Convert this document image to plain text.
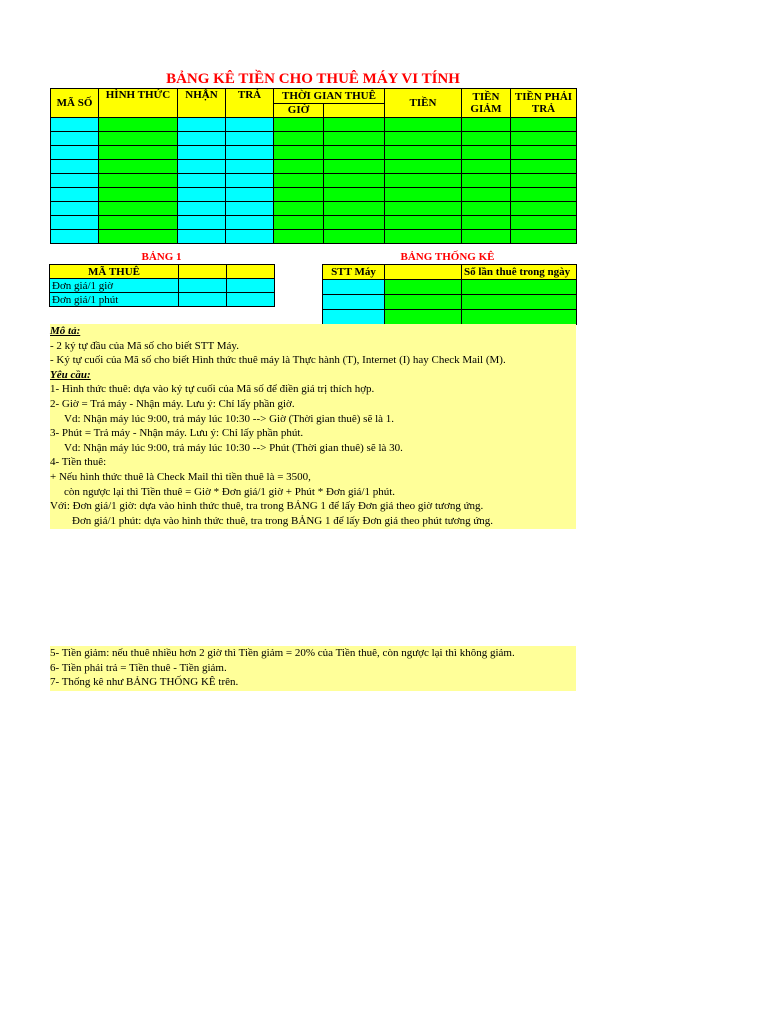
BẢNG KÊ TIỀN CHO THUÊ MÁY VI TÍNH
MÃ SỐ	HÌNH THỨC	NHẬN	TRẢ	THỜI GIAN THUÊ		TIỀN	TIỀN GIẢM	TIỀN PHẢI TRẢ
				GIỜ				

BẢNG 1	BẢNG THỐNG KÊ
MÃ THUÊ		
Đơn giá/1 giờ		
Đơn giá/1 phút		
STT Máy		Số lần thuê trong ngày

Mô tả:
- 2 ký tự đầu của Mã số cho biết STT Máy.
- Ký tự cuối của Mã số cho biết Hình thức thuê máy là Thực hành (T), Internet (I) hay Check Mail (M).
Yêu cầu:
1- Hình thức thuê: dựa vào ký tự cuối của Mã số để điền giá trị thích hợp.
2- Giờ = Trả máy - Nhận máy. Lưu ý: Chỉ lấy phần giờ.
Vd: Nhận máy lúc 9:00, trả máy lúc 10:30 --> Giờ (Thời gian thuê) sẽ là 1.
3- Phút = Trả máy - Nhận máy. Lưu ý: Chỉ lấy phần phút.
Vd: Nhận máy lúc 9:00, trả máy lúc 10:30 --> Phút (Thời gian thuê) sẽ là 30.
4- Tiền thuê:
+ Nếu hình thức thuê là Check Mail thì tiền thuê là = 3500,
còn ngược lại thì Tiền thuê = Giờ * Đơn giá/1 giờ + Phút * Đơn giá/1 phút.
Với: Đơn giá/1 giờ: dựa vào hình thức thuê, tra trong BẢNG 1 để lấy Đơn giá theo giờ tương ứng.
Đơn giá/1 phút: dựa vào hình thức thuê, tra trong BẢNG 1 để lấy Đơn giá theo phút tương ứng.
5- Tiền giảm: nếu thuê nhiều hơn 2 giờ thì Tiền giảm = 20% của Tiền thuê, còn ngược lại thì không giảm.
6- Tiền phải trả = Tiền thuê - Tiền giảm.
7- Thống kê như BẢNG THỐNG KÊ trên.
